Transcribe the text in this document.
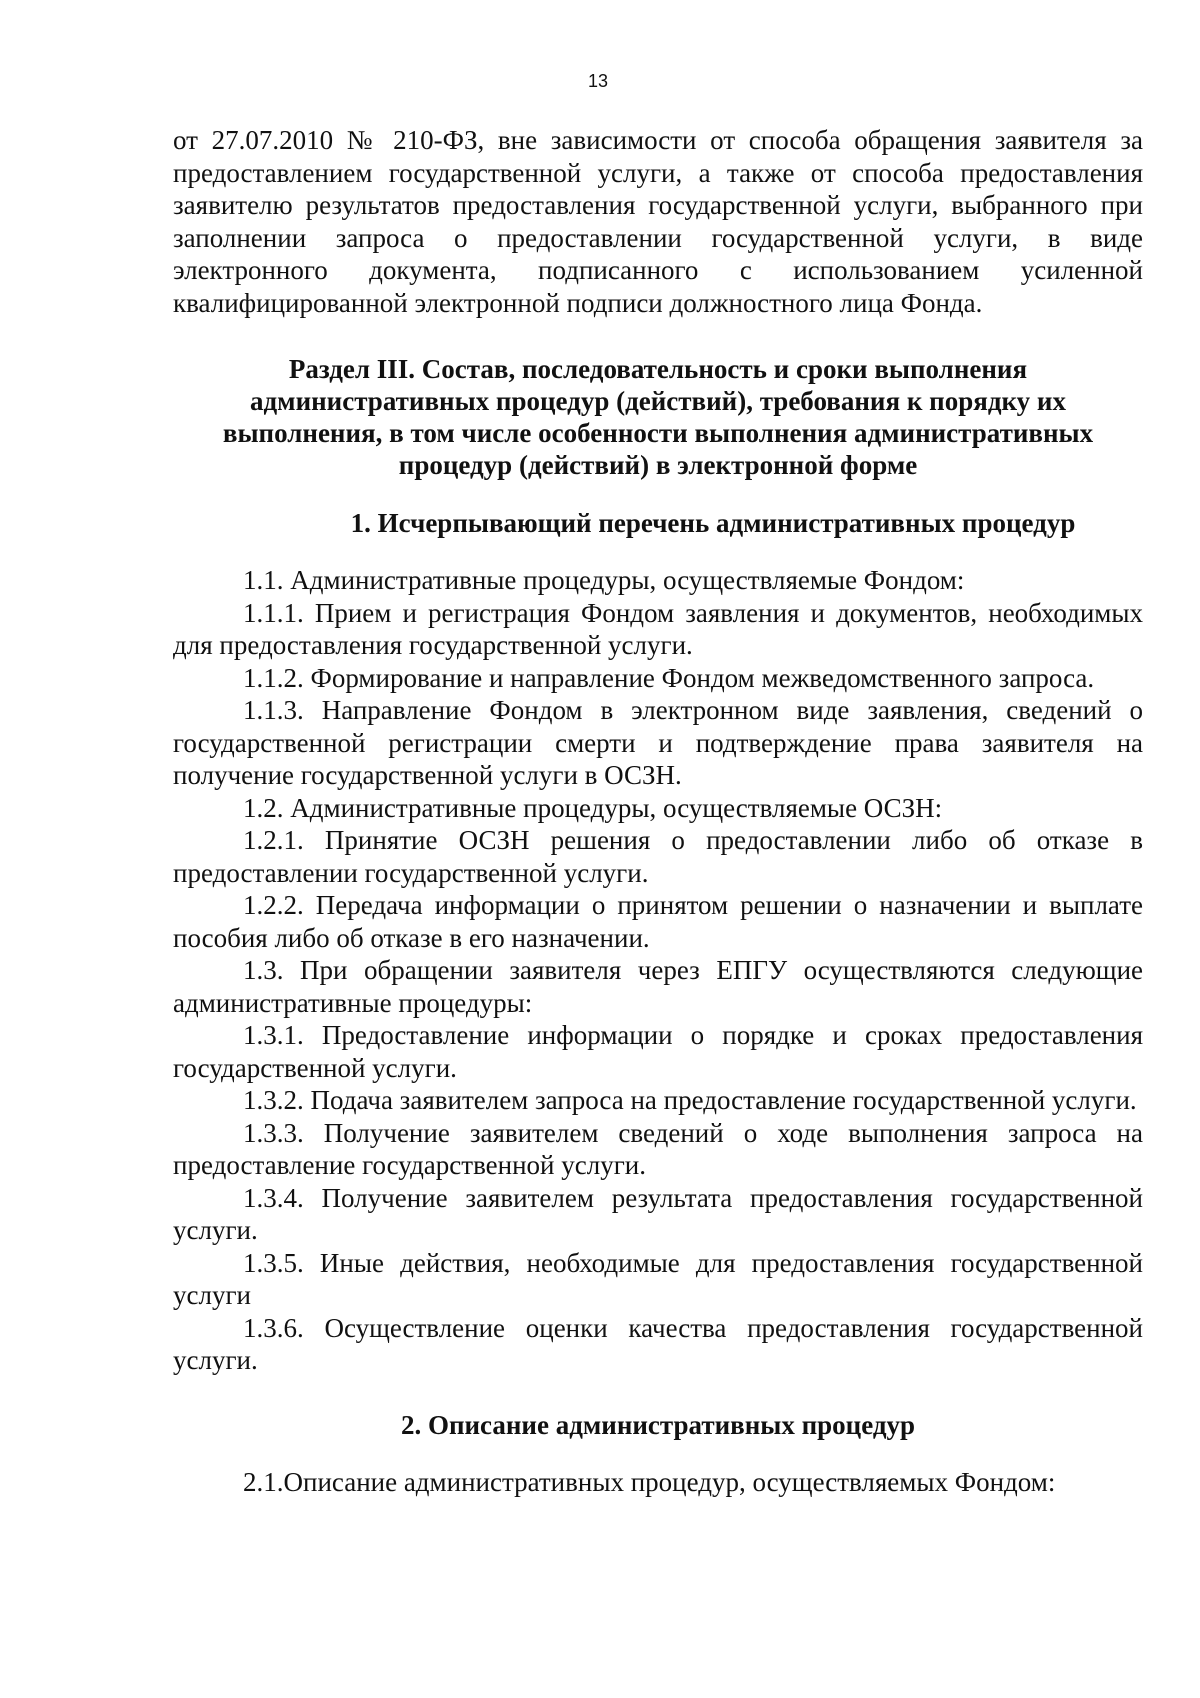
13

от 27.07.2010 № 210-ФЗ, вне зависимости от способа обращения заявителя за предоставлением государственной услуги, а также от способа предоставления заявителю результатов предоставления государственной услуги, выбранного при заполнении запроса о предоставлении государственной услуги, в виде электронного документа, подписанного с использованием усиленной квалифицированной электронной подписи должностного лица Фонда.

Раздел III. Состав, последовательность и сроки выполнения административных процедур (действий), требования к порядку их выполнения, в том числе особенности выполнения административных процедур (действий) в электронной форме
1. Исчерпывающий перечень административных процедур

1.1. Административные процедуры, осуществляемые Фондом:

1.1.1. Прием и регистрация Фондом заявления и документов, необходимых для предоставления государственной услуги.

1.1.2. Формирование и направление Фондом межведомственного запроса.

1.1.3. Направление Фондом в электронном виде заявления, сведений о государственной регистрации смерти и подтверждение права заявителя на получение государственной услуги в ОСЗН.

1.2. Административные процедуры, осуществляемые ОСЗН:

1.2.1. Принятие ОСЗН решения о предоставлении либо об отказе в предоставлении государственной услуги.

1.2.2. Передача информации о принятом решении о назначении и выплате пособия либо об отказе в его назначении.

1.3. При обращении заявителя через ЕПГУ осуществляются следующие административные процедуры:

1.3.1. Предоставление информации о порядке и сроках предоставления государственной услуги.

1.3.2. Подача заявителем запроса на предоставление государственной услуги.

1.3.3. Получение заявителем сведений о ходе выполнения запроса на предоставление государственной услуги.

1.3.4. Получение заявителем результата предоставления государственной услуги.

1.3.5. Иные действия, необходимые для предоставления государственной услуги

1.3.6. Осуществление оценки качества предоставления государственной услуги.

2. Описание административных процедур

2.1.Описание административных процедур, осуществляемых Фондом:
